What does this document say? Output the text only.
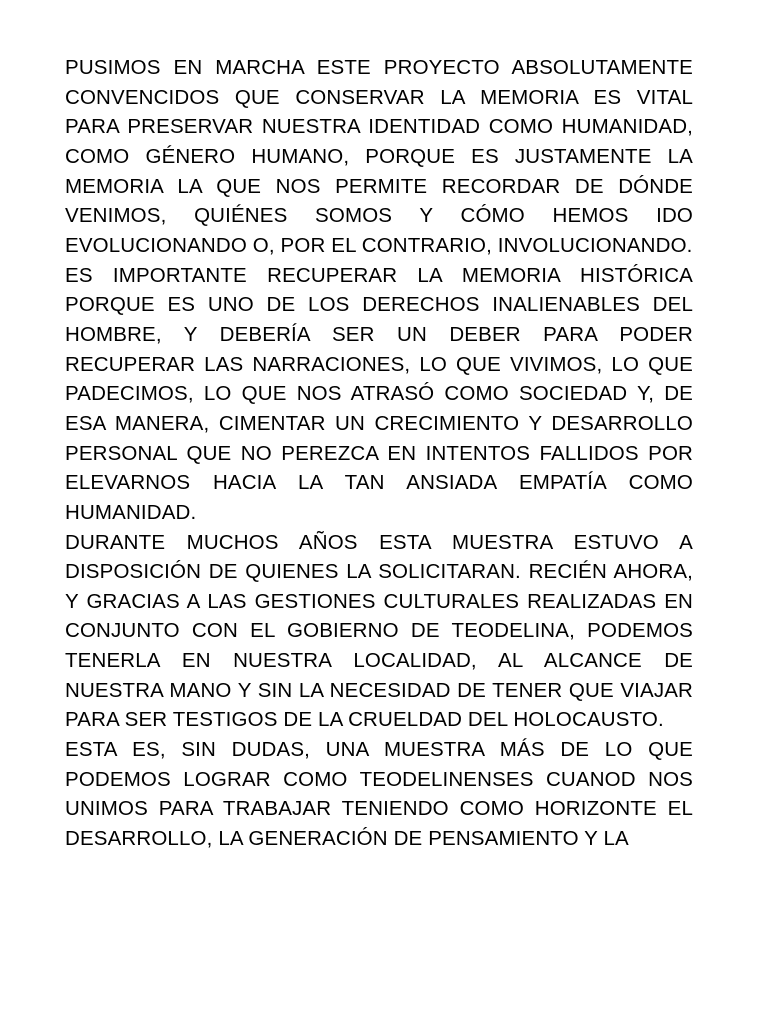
PUSIMOS EN MARCHA ESTE PROYECTO ABSOLUTAMENTE CONVENCIDOS QUE CONSERVAR LA MEMORIA ES VITAL PARA PRESERVAR NUESTRA IDENTIDAD COMO HUMANIDAD, COMO GÉNERO HUMANO, PORQUE ES JUSTAMENTE LA MEMORIA LA QUE NOS PERMITE RECORDAR DE DÓNDE VENIMOS, QUIÉNES SOMOS Y CÓMO HEMOS IDO EVOLUCIONANDO O, POR EL CONTRARIO, INVOLUCIONANDO.

ES IMPORTANTE RECUPERAR LA MEMORIA HISTÓRICA PORQUE ES UNO DE LOS DERECHOS INALIENABLES DEL HOMBRE, Y DEBERÍA SER UN DEBER PARA PODER RECUPERAR LAS NARRACIONES, LO QUE VIVIMOS, LO QUE PADECIMOS, LO QUE NOS ATRASÓ COMO SOCIEDAD Y, DE ESA MANERA, CIMENTAR UN CRECIMIENTO Y DESARROLLO PERSONAL QUE NO PEREZCA EN INTENTOS FALLIDOS POR ELEVARNOS HACIA LA TAN ANSIADA EMPATÍA COMO HUMANIDAD.

DURANTE MUCHOS AÑOS ESTA MUESTRA ESTUVO A DISPOSICIÓN DE QUIENES LA SOLICITARAN. RECIÉN AHORA, Y GRACIAS A LAS GESTIONES CULTURALES REALIZADAS EN CONJUNTO CON EL GOBIERNO DE TEODELINA, PODEMOS TENERLA EN NUESTRA LOCALIDAD, AL ALCANCE DE NUESTRA MANO Y SIN LA NECESIDAD DE TENER QUE VIAJAR PARA SER TESTIGOS DE LA CRUELDAD DEL HOLOCAUSTO.

ESTA ES, SIN DUDAS, UNA MUESTRA MÁS DE LO QUE PODEMOS LOGRAR COMO TEODELINENSES CUANOD NOS UNIMOS PARA TRABAJAR TENIENDO COMO HORIZONTE EL DESARROLLO, LA GENERACIÓN DE PENSAMIENTO Y LA
